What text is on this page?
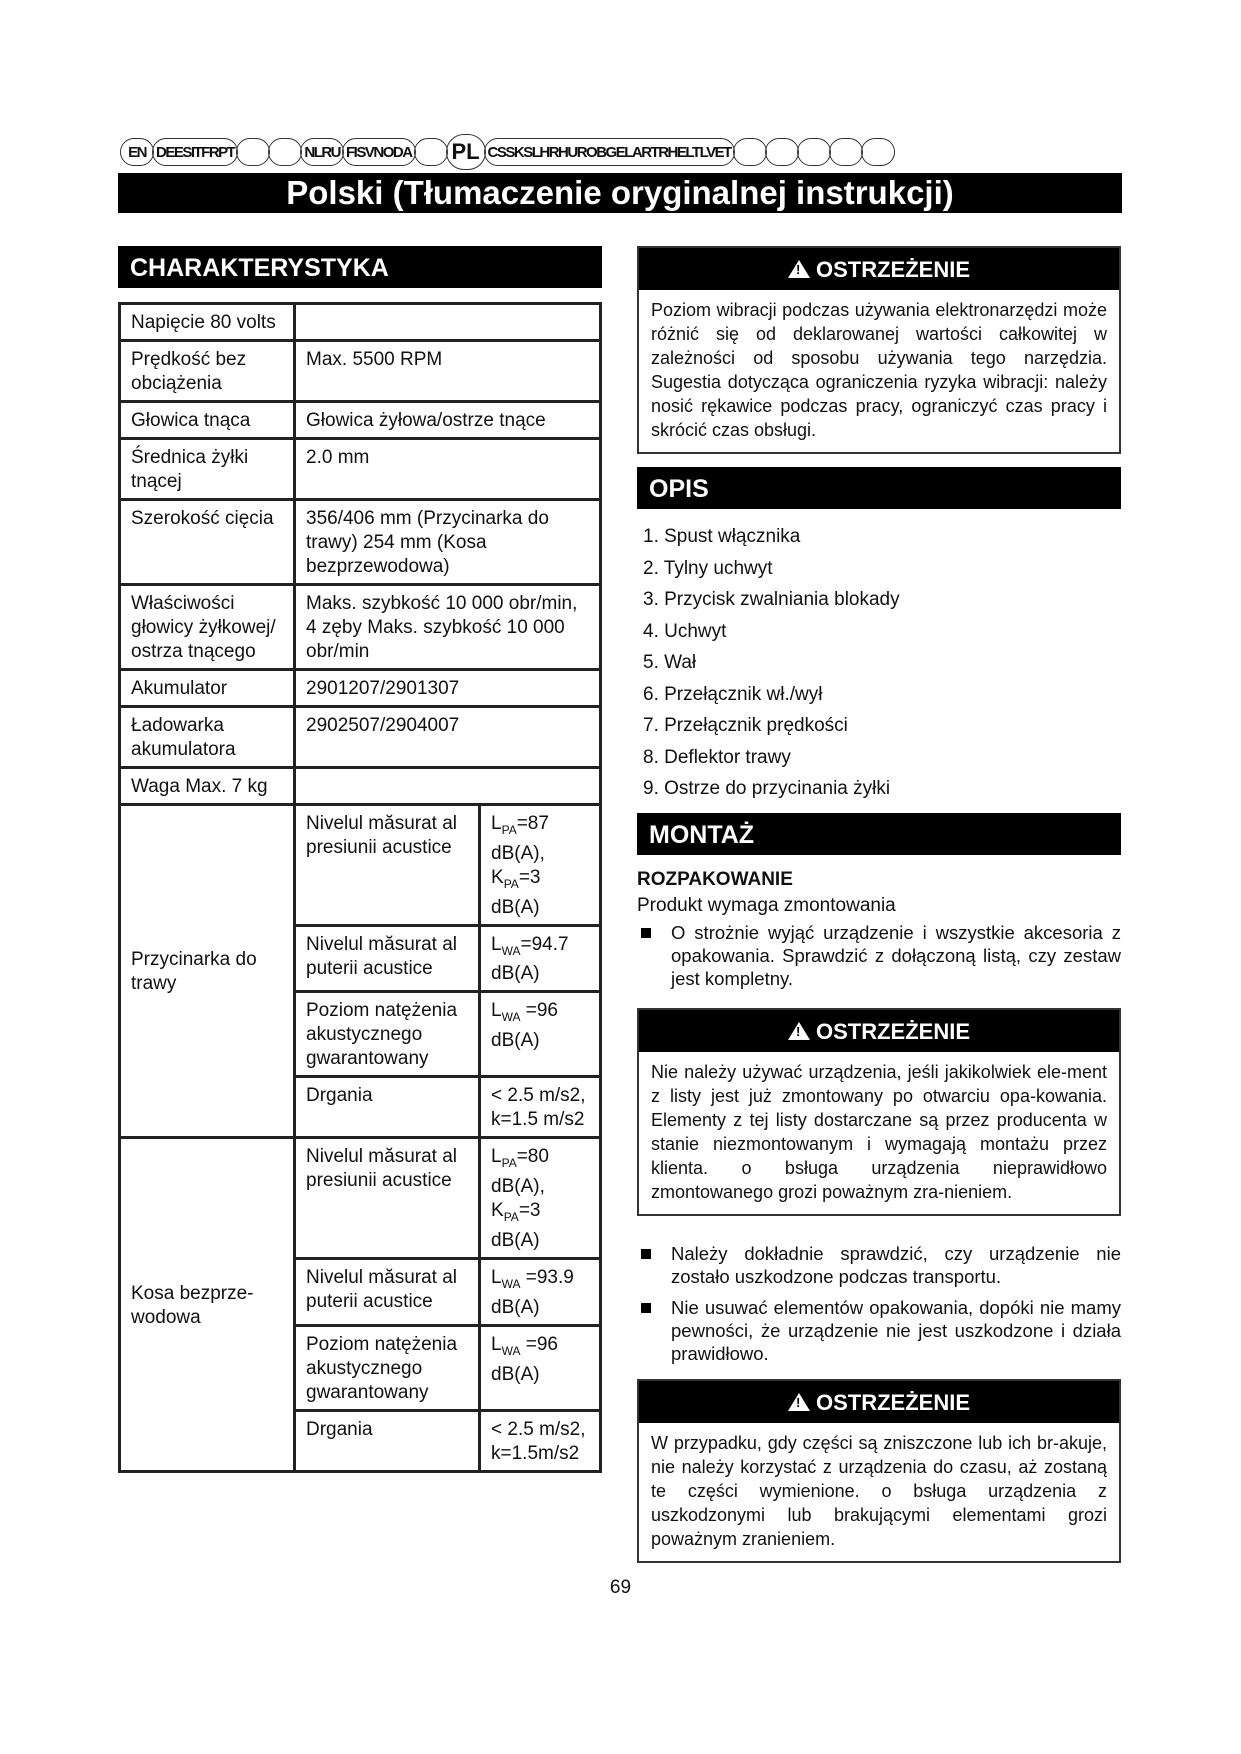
EN DEESITFRPT	NLRU FISVNODA PL CSSKSLHRHUROBGELARTRHELTLVET
Polski (Tłumaczenie oryginalnej instrukcji)
CHARAKTERYSTYKA
Napięcie 80 volts		
Prędkość bez obciążenia	Max. 5500 RPM	
Głowica tnąca	Głowica żyłowa/ostrze tnące	
Średnica żyłki tnącej	2.0 mm	
Szerokość cięcia	356/406 mm (Przycinarka do trawy) 254 mm (Kosa bezprzewodowa)	
Właściwości głowicy żyłkowej/ ostrza tnącego	Maks. szybkość 10 000 obr/min, 4 zęby Maks. szybkość 10 000 obr/min	
Akumulator	2901207/2901307	
Ładowarka akumulatora	2902507/2904007	
Waga Max. 7 kg		
Przycinarka do trawy	Nivelul măsurat al presiunii acustice	$L_{PA}=87$ dB(A), $K_{PA}=3$ dB(A)
	Nivelul măsurat al puterii acustice	$L_{WA}=94.7$ dB(A)
	Poziom natężenia akustycznego gwarantowany	$L_{WA} =96$ dB(A)
	Drgania	< 2.5 m/s2, k=1.5 m/s2
Kosa bezprze-wodowa	Nivelul măsurat al presiunii acustice	$L_{PA}=80$ dB(A), $K_{PA}=3$ dB(A)
	Nivelul măsurat al puterii acustice	$L_{WA} =93.9$ dB(A)
	Poziom natężenia akustycznego gwarantowany	$L_{WA} =96$ dB(A)
	Drgania	< 2.5 m/s2, k=1.5m/s2
!OSTRZEŻENIE
Poziom wibracji podczas używania elektronarzędzi może różnić się od deklarowanej wartości całkowitej w zależności od sposobu używania tego narzędzia. Sugestia dotycząca ograniczenia ryzyka wibracji: należy nosić rękawice podczas pracy, ograniczyć czas pracy i skrócić czas obsługi.
OPIS
1. Spust włącznika
2. Tylny uchwyt
3. Przycisk zwalniania blokady
4. Uchwyt
5. Wał
6. Przełącznik wł./wył
7. Przełącznik prędkości
8. Deflektor trawy
9. Ostrze do przycinania żyłki
MONTAŻ
ROZPAKOWANIE
Produkt wymaga zmontowania
O strożnie wyjąć urządzenie i wszystkie akcesoria z opakowania. Sprawdzić z dołączoną listą, czy zestaw jest kompletny.
!OSTRZEŻENIE
Nie należy używać urządzenia, jeśli jakikolwiek ele-ment z listy jest już zmontowany po otwarciu opa-kowania. Elementy z tej listy dostarczane są przez producenta w stanie niezmontowanym i wymagają montażu przez klienta. o bsługa urządzenia nieprawidłowo zmontowanego grozi poważnym zra-nieniem.
Należy dokładnie sprawdzić, czy urządzenie nie zostało uszkodzone podczas transportu.
Nie usuwać elementów opakowania, dopóki nie mamy pewności, że urządzenie nie jest uszkodzone i działa prawidłowo.
!OSTRZEŻENIE
W przypadku, gdy części są zniszczone lub ich br-akuje, nie należy korzystać z urządzenia do czasu, aż zostaną te części wymienione. o bsługa urządzenia z uszkodzonymi lub brakującymi elementami grozi poważnym zranieniem.
69
